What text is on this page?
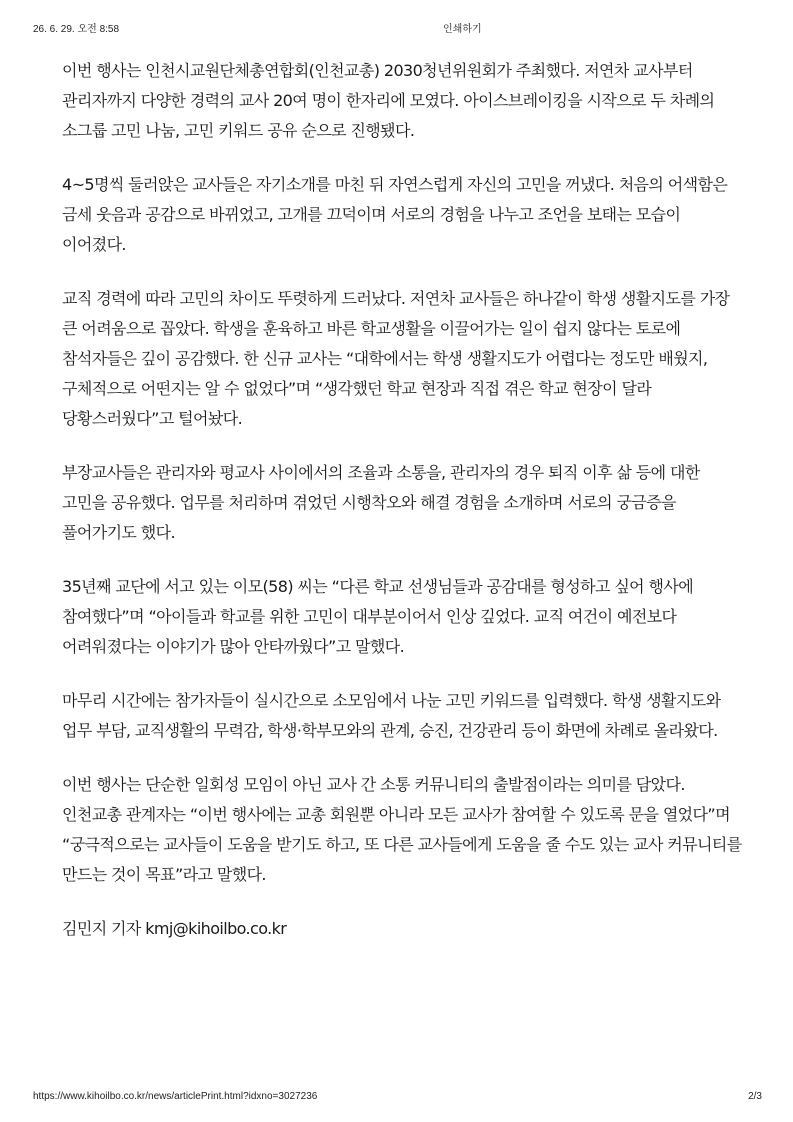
26. 6. 29. 오전 8:58	인쇄하기

이번 행사는 인천시교원단체총연합회(인천교총) 2030청년위원회가 주최했다. 저연차 교사부터 관리자까지 다양한 경력의 교사 20여 명이 한자리에 모였다. 아이스브레이킹을 시작으로 두 차례의 소그룹 고민 나눔, 고민 키워드 공유 순으로 진행됐다.

4~5명씩 둘러앉은 교사들은 자기소개를 마친 뒤 자연스럽게 자신의 고민을 꺼냈다. 처음의 어색함은 금세 웃음과 공감으로 바뀌었고, 고개를 끄덕이며 서로의 경험을 나누고 조언을 보태는 모습이 이어졌다.

교직 경력에 따라 고민의 차이도 뚜렷하게 드러났다. 저연차 교사들은 하나같이 학생 생활지도를 가장 큰 어려움으로 꼽았다. 학생을 훈육하고 바른 학교생활을 이끌어가는 일이 쉽지 않다는 토로에 참석자들은 깊이 공감했다. 한 신규 교사는 “대학에서는 학생 생활지도가 어렵다는 정도만 배웠지, 구체적으로 어떤지는 알 수 없었다”며 “생각했던 학교 현장과 직접 겪은 학교 현장이 달라 당황스러웠다”고 털어놨다.

부장교사들은 관리자와 평교사 사이에서의 조율과 소통을, 관리자의 경우 퇴직 이후 삶 등에 대한 고민을 공유했다. 업무를 처리하며 겪었던 시행착오와 해결 경험을 소개하며 서로의 궁금증을 풀어가기도 했다.

35년째 교단에 서고 있는 이모(58) 씨는 “다른 학교 선생님들과 공감대를 형성하고 싶어 행사에 참여했다”며 “아이들과 학교를 위한 고민이 대부분이어서 인상 깊었다. 교직 여건이 예전보다 어려워졌다는 이야기가 많아 안타까웠다”고 말했다.

마무리 시간에는 참가자들이 실시간으로 소모임에서 나눈 고민 키워드를 입력했다. 학생 생활지도와 업무 부담, 교직생활의 무력감, 학생·학부모와의 관계, 승진, 건강관리 등이 화면에 차례로 올라왔다.

이번 행사는 단순한 일회성 모임이 아닌 교사 간 소통 커뮤니티의 출발점이라는 의미를 담았다. 인천교총 관계자는 “이번 행사에는 교총 회원뿐 아니라 모든 교사가 참여할 수 있도록 문을 열었다”며 “궁극적으로는 교사들이 도움을 받기도 하고, 또 다른 교사들에게 도움을 줄 수도 있는 교사 커뮤니티를 만드는 것이 목표”라고 말했다.

김민지 기자 kmj@kihoilbo.co.kr

https://www.kihoilbo.co.kr/news/articlePrint.html?idxno=3027236	2/3
